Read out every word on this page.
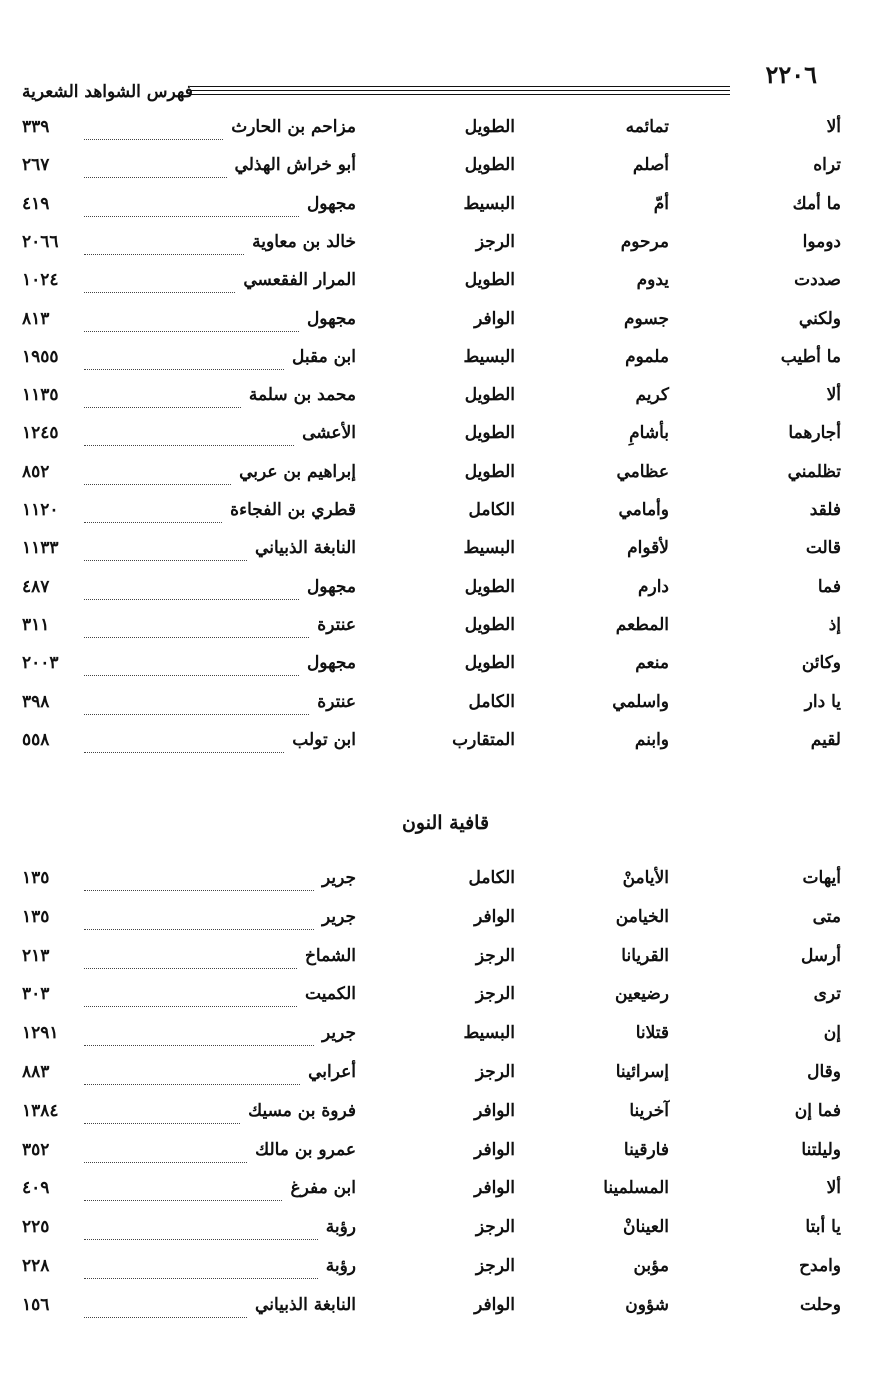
٢٢٠٦
فهرس الشواهد الشعرية
ألا
تمائمه
الطويل
مزاحم بن الحارث
٣٣٩
تراه
أصلم
الطويل
أبو خراش الهذلي
٢٦٧
ما أمك
أمّ
البسيط
مجهول
٤١٩
دوموا
مرحوم
الرجز
خالد بن معاوية
٢٠٦٦
صددت
يدوم
الطويل
المرار الفقعسي
١٠٢٤
ولكني
جسوم
الوافر
مجهول
٨١٣
ما أطيب
ملموم
البسيط
ابن مقبل
١٩٥٥
ألا
كريم
الطويل
محمد بن سلمة
١١٣٥
أجارهما
بأشامِ
الطويل
الأعشى
١٢٤٥
تظلمني
عظامي
الطويل
إبراهيم بن عربي
٨٥٢
فلقد
وأمامي
الكامل
قطري بن الفجاءة
١١٢٠
قالت
لأقوام
البسيط
النابغة الذبياني
١١٣٣
فما
دارم
الطويل
مجهول
٤٨٧
إذ
المطعم
الطويل
عنترة
٣١١
وكائن
منعم
الطويل
مجهول
٢٠٠٣
يا دار
واسلمي
الكامل
عنترة
٣٩٨
لقيم
وابنم
المتقارب
ابن تولب
٥٥٨
قافية النون
أيهات
الأيامنْ
الكامل
جرير
١٣٥
متى
الخيامن
الوافر
جرير
١٣٥
أرسل
القريانا
الرجز
الشماخ
٢١٣
ترى
رضيعين
الرجز
الكميت
٣٠٣
إن
قتلانا
البسيط
جرير
١٢٩١
وقال
إسرائينا
الرجز
أعرابي
٨٨٣
فما إن
آخرينا
الوافر
فروة بن مسيك
١٣٨٤
وليلتنا
فارقينا
الوافر
عمرو بن مالك
٣٥٢
ألا
المسلمينا
الوافر
ابن مفرغ
٤٠٩
يا أبتا
العينانْ
الرجز
رؤبة
٢٢٥
وامدح
مؤبن
الرجز
رؤبة
٢٢٨
وحلت
شؤون
الوافر
النابغة الذبياني
١٥٦
